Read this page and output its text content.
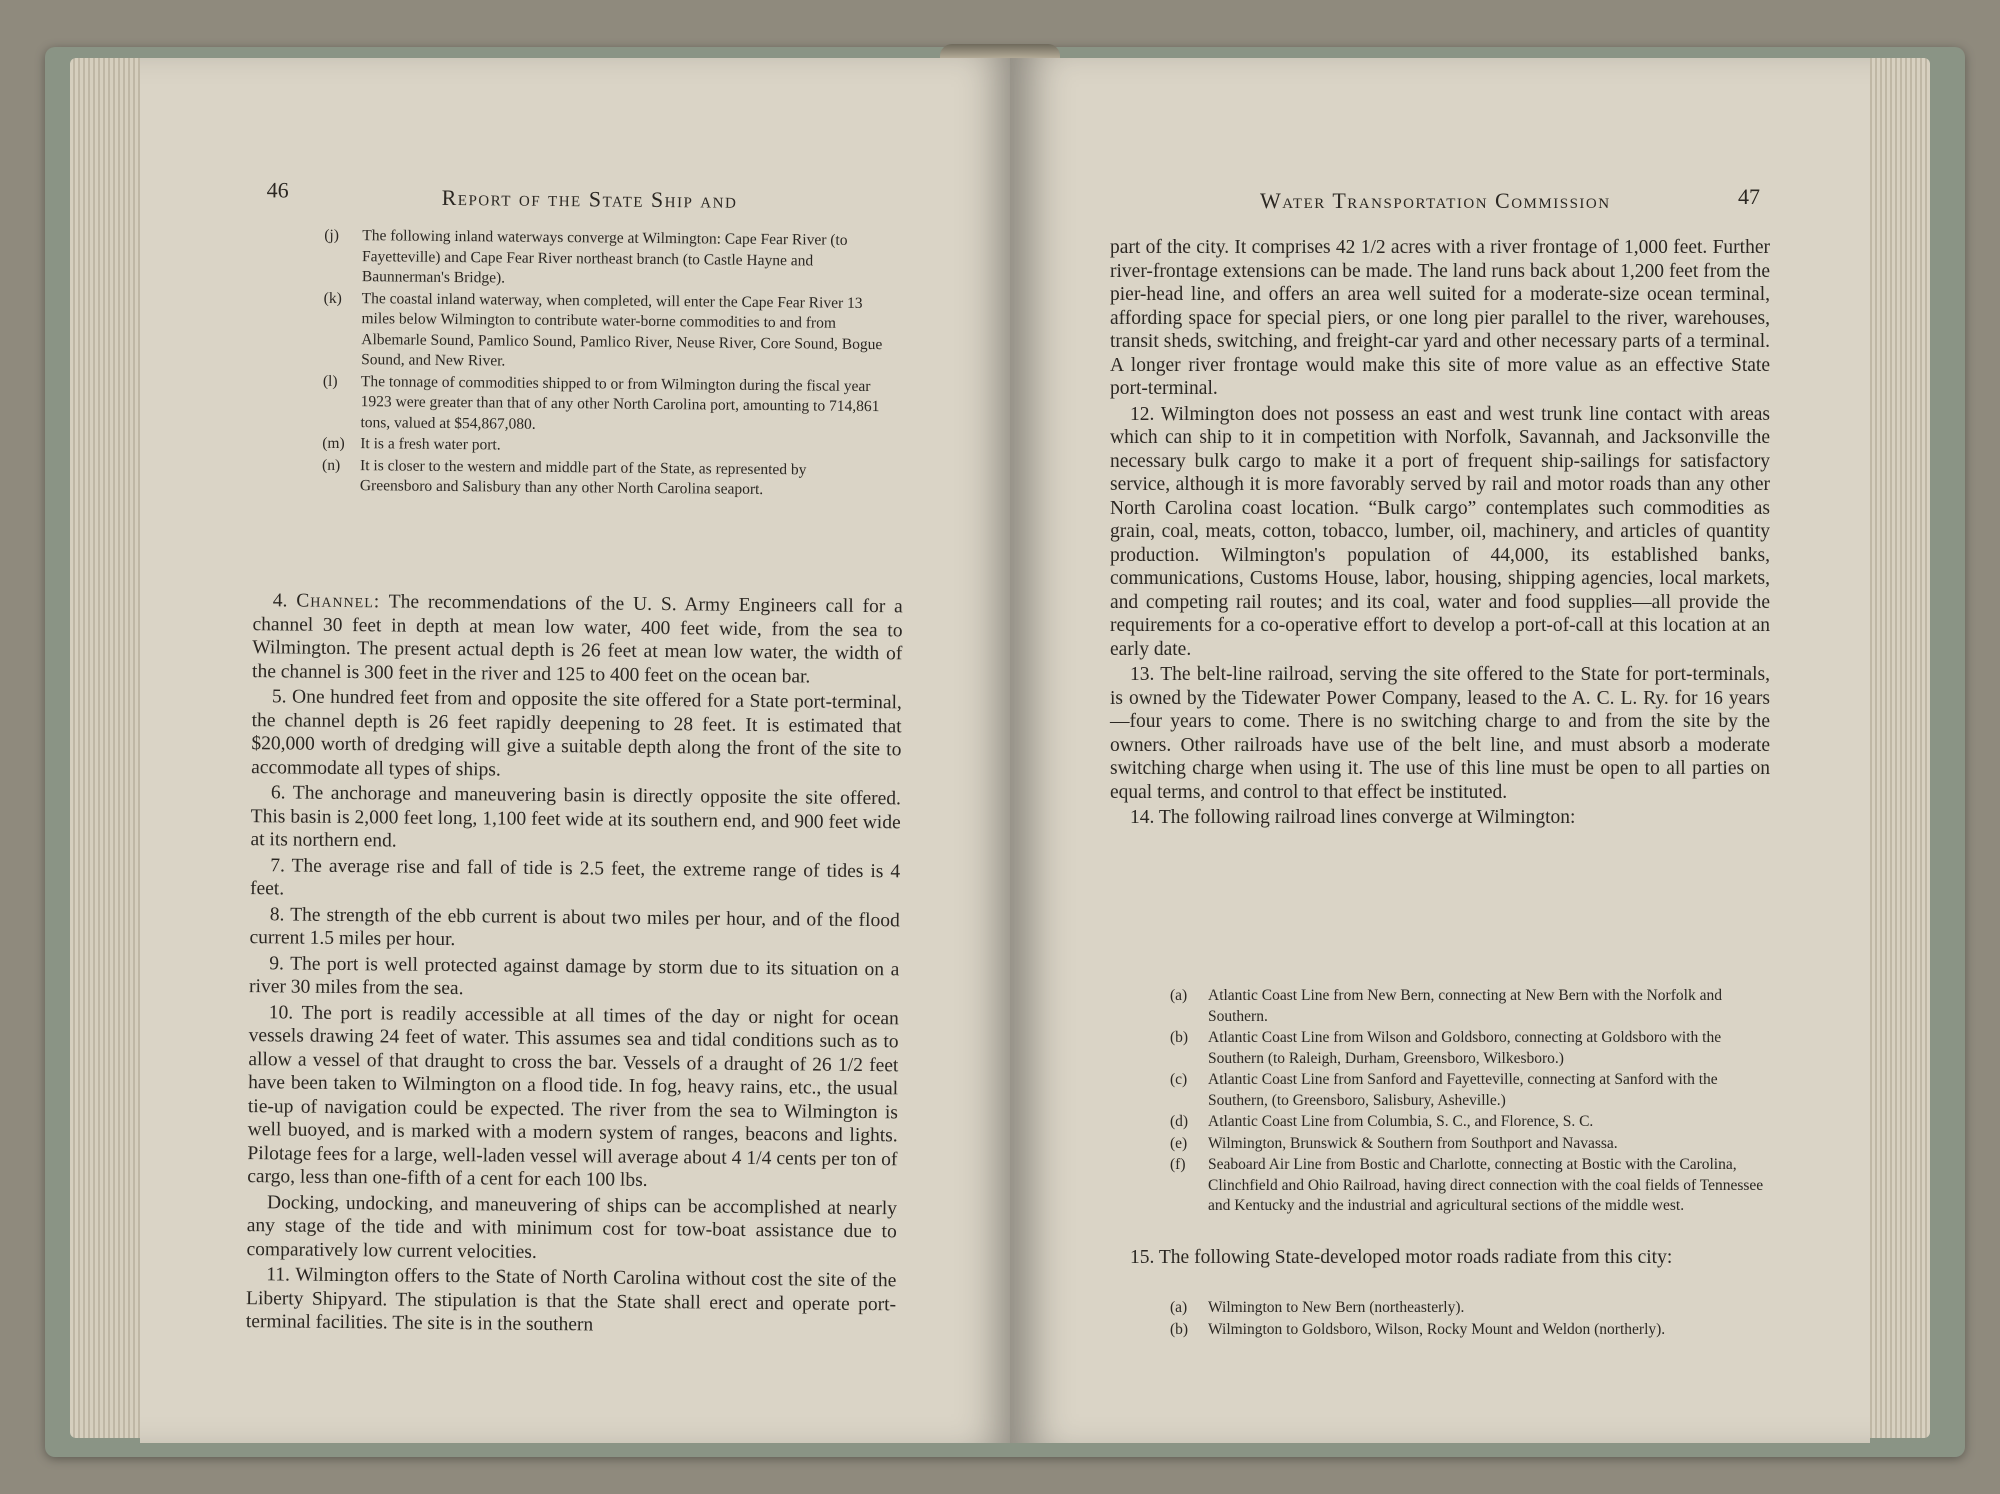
46	Report of the State Ship and
(j) The following inland waterways converge at Wilmington: Cape Fear River (to Fayetteville) and Cape Fear River northeast branch (to Castle Hayne and Baunnerman's Bridge).
(k) The coastal inland waterway, when completed, will enter the Cape Fear River 13 miles below Wilmington to contribute water-borne commodities to and from Albemarle Sound, Pamlico Sound, Pamlico River, Neuse River, Core Sound, Bogue Sound, and New River.
(l) The tonnage of commodities shipped to or from Wilmington during the fiscal year 1923 were greater than that of any other North Carolina port, amounting to 714,861 tons, valued at $54,867,080.
(m) It is a fresh water port.
(n) It is closer to the western and middle part of the State, as represented by Greensboro and Salisbury than any other North Carolina seaport.

4. Channel: The recommendations of the U. S. Army Engineers call for a channel 30 feet in depth at mean low water, 400 feet wide, from the sea to Wilmington. The present actual depth is 26 feet at mean low water, the width of the channel is 300 feet in the river and 125 to 400 feet on the ocean bar.

5. One hundred feet from and opposite the site offered for a State port-terminal, the channel depth is 26 feet rapidly deepening to 28 feet. It is estimated that $20,000 worth of dredging will give a suitable depth along the front of the site to accommodate all types of ships.

6. The anchorage and maneuvering basin is directly opposite the site offered. This basin is 2,000 feet long, 1,100 feet wide at its southern end, and 900 feet wide at its northern end.

7. The average rise and fall of tide is 2.5 feet, the extreme range of tides is 4 feet.

8. The strength of the ebb current is about two miles per hour, and of the flood current 1.5 miles per hour.

9. The port is well protected against damage by storm due to its situation on a river 30 miles from the sea.

10. The port is readily accessible at all times of the day or night for ocean vessels drawing 24 feet of water. This assumes sea and tidal conditions such as to allow a vessel of that draught to cross the bar. Vessels of a draught of 26 1/2 feet have been taken to Wilmington on a flood tide. In fog, heavy rains, etc., the usual tie-up of navigation could be expected. The river from the sea to Wilmington is well buoyed, and is marked with a modern system of ranges, beacons and lights. Pilotage fees for a large, well-laden vessel will average about 4 1/4 cents per ton of cargo, less than one-fifth of a cent for each 100 lbs.

Docking, undocking, and maneuvering of ships can be accomplished at nearly any stage of the tide and with minimum cost for tow-boat assistance due to comparatively low current velocities.

11. Wilmington offers to the State of North Carolina without cost the site of the Liberty Shipyard. The stipulation is that the State shall erect and operate port-terminal facilities. The site is in the southern

Water Transportation Commission	47

part of the city. It comprises 42 1/2 acres with a river frontage of 1,000 feet. Further river-frontage extensions can be made. The land runs back about 1,200 feet from the pier-head line, and offers an area well suited for a moderate-size ocean terminal, affording space for special piers, or one long pier parallel to the river, warehouses, transit sheds, switching, and freight-car yard and other necessary parts of a terminal. A longer river frontage would make this site of more value as an effective State port-terminal.

12. Wilmington does not possess an east and west trunk line contact with areas which can ship to it in competition with Norfolk, Savannah, and Jacksonville the necessary bulk cargo to make it a port of frequent ship-sailings for satisfactory service, although it is more favorably served by rail and motor roads than any other North Carolina coast location. “Bulk cargo” contemplates such commodities as grain, coal, meats, cotton, tobacco, lumber, oil, machinery, and articles of quantity production. Wilmington's population of 44,000, its established banks, communications, Customs House, labor, housing, shipping agencies, local markets, and competing rail routes; and its coal, water and food supplies—all provide the requirements for a co-operative effort to develop a port-of-call at this location at an early date.

13. The belt-line railroad, serving the site offered to the State for port-terminals, is owned by the Tidewater Power Company, leased to the A. C. L. Ry. for 16 years—four years to come. There is no switching charge to and from the site by the owners. Other railroads have use of the belt line, and must absorb a moderate switching charge when using it. The use of this line must be open to all parties on equal terms, and control to that effect be instituted.

14. The following railroad lines converge at Wilmington:

(a) Atlantic Coast Line from New Bern, connecting at New Bern with the Norfolk and Southern.
(b) Atlantic Coast Line from Wilson and Goldsboro, connecting at Goldsboro with the Southern (to Raleigh, Durham, Greensboro, Wilkesboro.)
(c) Atlantic Coast Line from Sanford and Fayetteville, connecting at Sanford with the Southern, (to Greensboro, Salisbury, Asheville.)
(d) Atlantic Coast Line from Columbia, S. C., and Florence, S. C.
(e) Wilmington, Brunswick & Southern from Southport and Navassa.
(f) Seaboard Air Line from Bostic and Charlotte, connecting at Bostic with the Carolina, Clinchfield and Ohio Railroad, having direct connection with the coal fields of Tennessee and Kentucky and the industrial and agricultural sections of the middle west.

15. The following State-developed motor roads radiate from this city:

(a) Wilmington to New Bern (northeasterly).
(b) Wilmington to Goldsboro, Wilson, Rocky Mount and Weldon (northerly).
